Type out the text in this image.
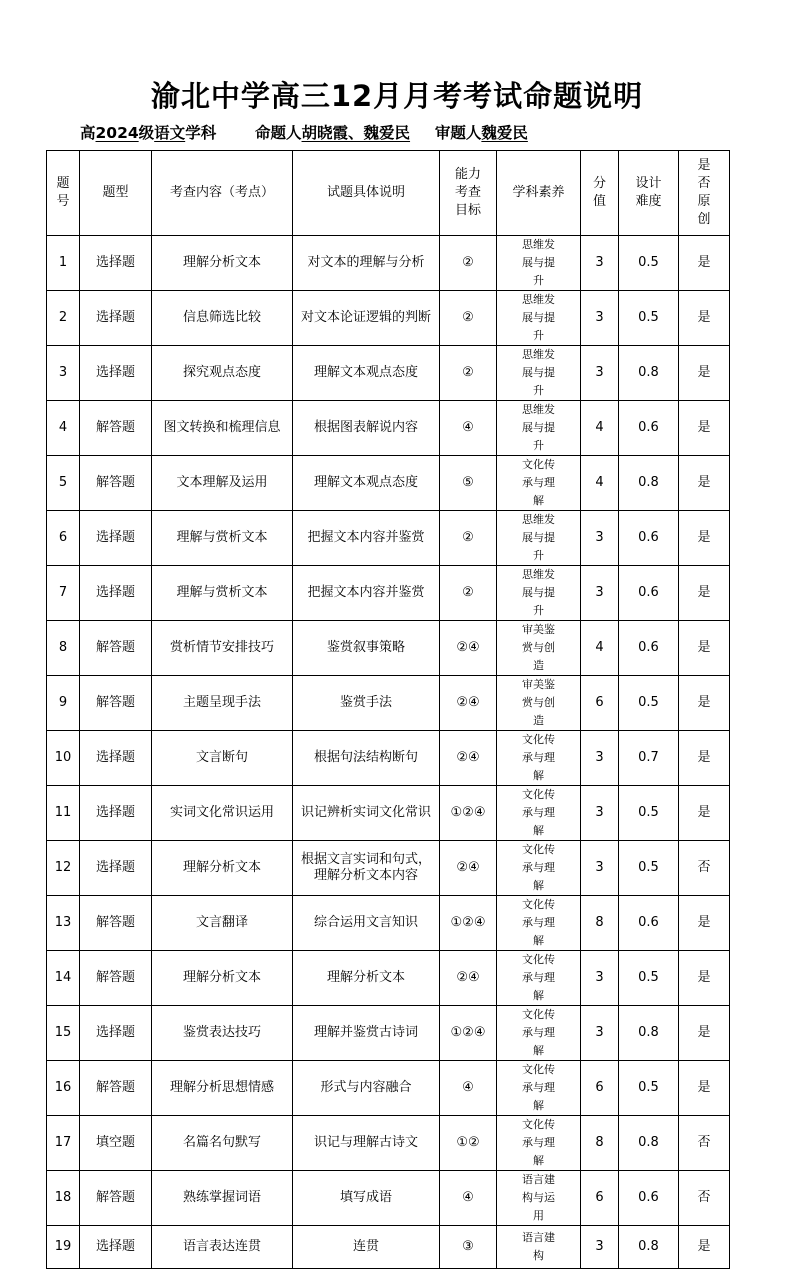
渝北中学高三12月月考考试命题说明
高2024级语文学科	命题人胡晓霞、魏爱民  审题人魏爱民
题号	题型	考查内容（考点）	试题具体说明	能力考查目标	学科素养	分值	设计难度	是否原创
1	选择题	理解分析文本	对文本的理解与分析	②	思维发展与提升	3	0.5	是
2	选择题	信息筛选比较	对文本论证逻辑的判断	②	思维发展与提升	3	0.5	是
3	选择题	探究观点态度	理解文本观点态度	②	思维发展与提升	3	0.8	是
4	解答题	图文转换和梳理信息	根据图表解说内容	④	思维发展与提升	4	0.6	是
5	解答题	文本理解及运用	理解文本观点态度	⑤	文化传承与理解	4	0.8	是
6	选择题	理解与赏析文本	把握文本内容并鉴赏	②	思维发展与提升	3	0.6	是
7	选择题	理解与赏析文本	把握文本内容并鉴赏	②	思维发展与提升	3	0.6	是
8	解答题	赏析情节安排技巧	鉴赏叙事策略	②④	审美鉴赏与创造	4	0.6	是
9	解答题	主题呈现手法	鉴赏手法	②④	审美鉴赏与创造	6	0.5	是
10	选择题	文言断句	根据句法结构断句	②④	文化传承与理解	3	0.7	是
11	选择题	实词文化常识运用	识记辨析实词文化常识	①②④	文化传承与理解	3	0.5	是
12	选择题	理解分析文本	根据文言实词和句式，理解分析文本内容	②④	文化传承与理解	3	0.5	否
13	解答题	文言翻译	综合运用文言知识	①②④	文化传承与理解	8	0.6	是
14	解答题	理解分析文本	理解分析文本	②④	文化传承与理解	3	0.5	是
15	选择题	鉴赏表达技巧	理解并鉴赏古诗词	①②④	文化传承与理解	3	0.8	是
16	解答题	理解分析思想情感	形式与内容融合	④	文化传承与理解	6	0.5	是
17	填空题	名篇名句默写	识记与理解古诗文	①②	文化传承与理解	8	0.8	否
18	解答题	熟练掌握词语	填写成语	④	语言建构与运用	6	0.6	否
19	选择题	语言表达连贯	连贯	③	语言建构	3	0.8	是
